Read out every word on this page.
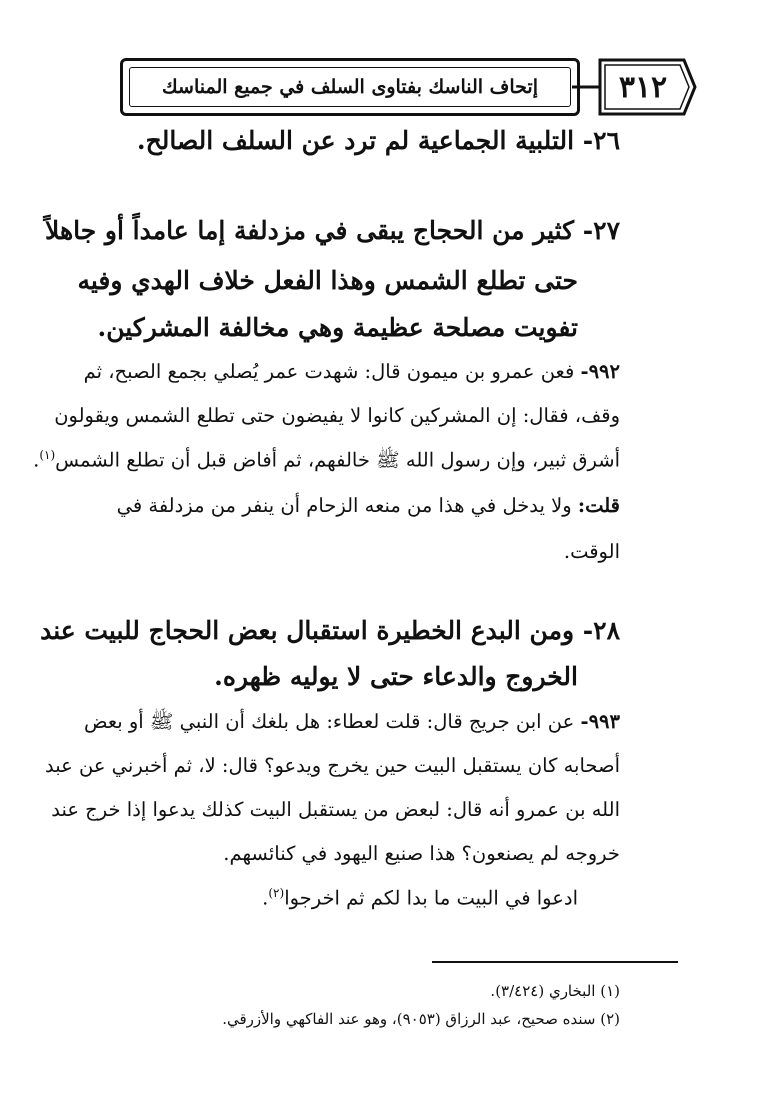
إتحاف الناسك بفتاوى السلف في جميع المناسك	٣١٢
٢٦- التلبية الجماعية لم ترد عن السلف الصالح.
٢٧- كثير من الحجاج يبقى في مزدلفة إما عامداً أو جاهلاً
حتى تطلع الشمس وهذا الفعل خلاف الهدي وفيه
تفويت مصلحة عظيمة وهي مخالفة المشركين.
٩٩٢- فعن عمرو بن ميمون قال: شهدت عمر يُصلي بجمع الصبح، ثم
وقف، فقال: إن المشركين كانوا لا يفيضون حتى تطلع الشمس ويقولون
أشرق ثبير، وإن رسول الله ﷺ خالفهم، ثم أفاض قبل أن تطلع الشمس$^{(١)}$.
قلت: ولا يدخل في هذا من منعه الزحام أن ينفر من مزدلفة في
الوقت.
٢٨- ومن البدع الخطيرة استقبال بعض الحجاج للبيت عند
الخروج والدعاء حتى لا يوليه ظهره.
٩٩٣- عن ابن جريج قال: قلت لعطاء: هل بلغك أن النبي ﷺ أو بعض
أصحابه كان يستقبل البيت حين يخرج ويدعو؟ قال: لا، ثم أخبرني عن عبد
الله بن عمرو أنه قال: لبعض من يستقبل البيت كذلك يدعوا إذا خرج عند
خروجه لم يصنعون؟ هذا صنيع اليهود في كنائسهم.
ادعوا في البيت ما بدا لكم ثم اخرجوا$^{(٢)}$.
(١) البخاري (٣/٤٢٤).
(٢) سنده صحيح، عبد الرزاق (٩٠٥٣)، وهو عند الفاكهي والأزرقي.
